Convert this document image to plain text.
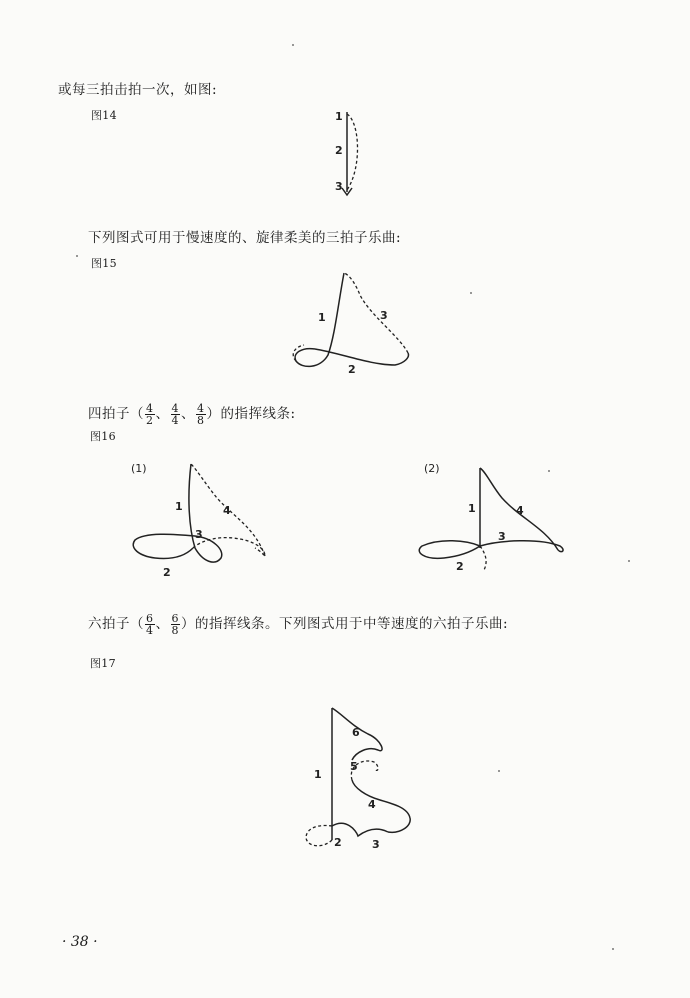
或每三拍击拍一次，如图:
图14	1
2
3
下列图式可用于慢速度的、旋律柔美的三拍子乐曲:
图15
1
2
3
四拍子（ $\frac{4}{2}$ 、 $\frac{4}{4}$ 、 $\frac{4}{8}$ ）的指挥线条:
图16
(1)
1
2
3
4
(2)
1
2
3
4
六拍子（ $\frac{6}{4}$ 、 $\frac{6}{8}$ ）的指挥线条。下列图式用于中等速度的六拍子乐曲:
图17
1
2	3
4
5
6
· 38 ·
